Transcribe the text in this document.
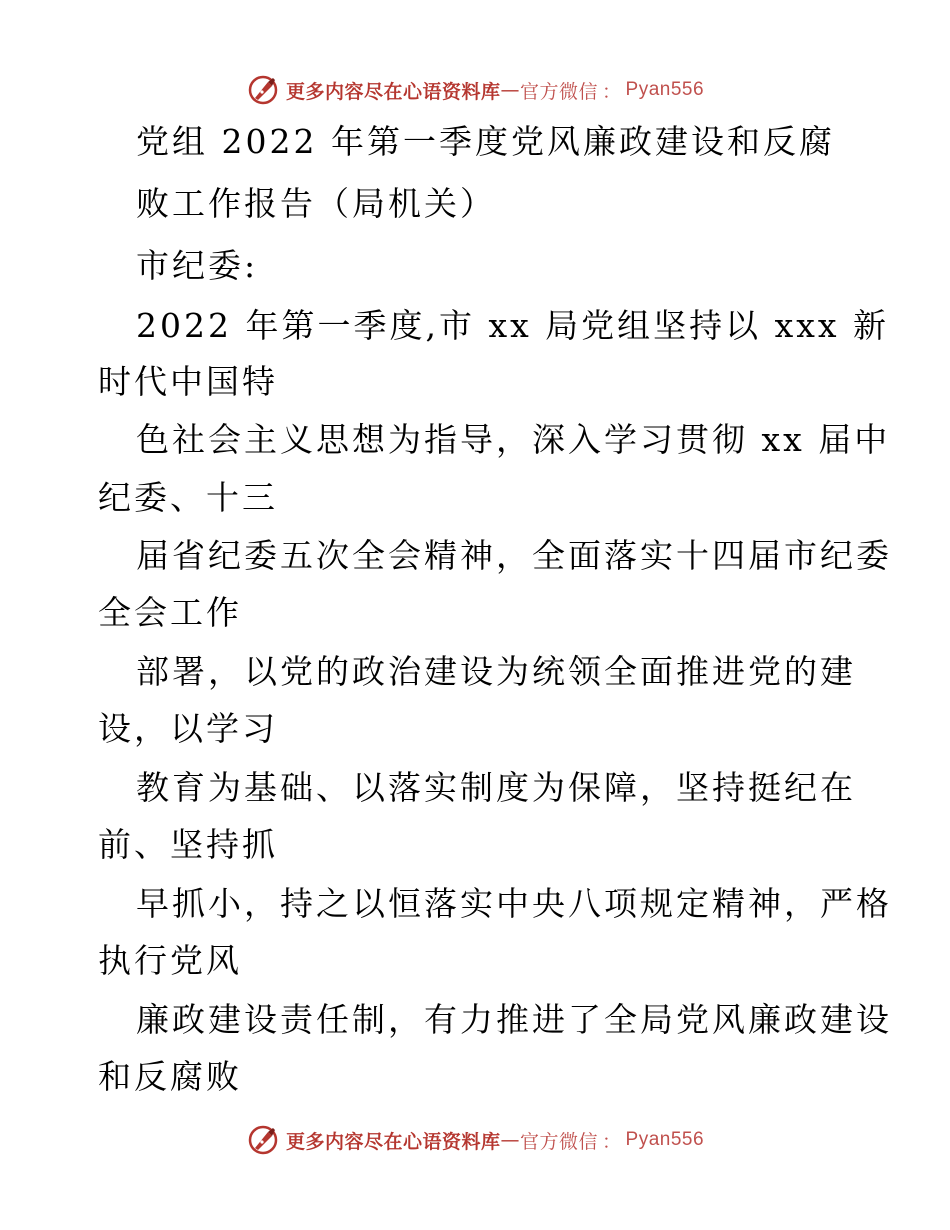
更多内容尽在心语资料库 — 官方微信 ： Pyan556
党组 2022 年第一季度党风廉政建设和反腐
败工作报告（局机关）
市纪委:
2022 年第一季度,市 xx 局党组坚持以 xxx 新
时代中国特
色社会主义思想为指导，深入学习贯彻 xx 届中
纪委、十三
届省纪委五次全会精神，全面落实十四届市纪委
全会工作
部署，以党的政治建设为统领全面推进党的建
设，以学习
教育为基础、以落实制度为保障，坚持挺纪在
前、坚持抓
早抓小，持之以恒落实中央八项规定精神，严格
执行党风
廉政建设责任制，有力推进了全局党风廉政建设
和反腐败
更多内容尽在心语资料库 — 官方微信 ： Pyan556
